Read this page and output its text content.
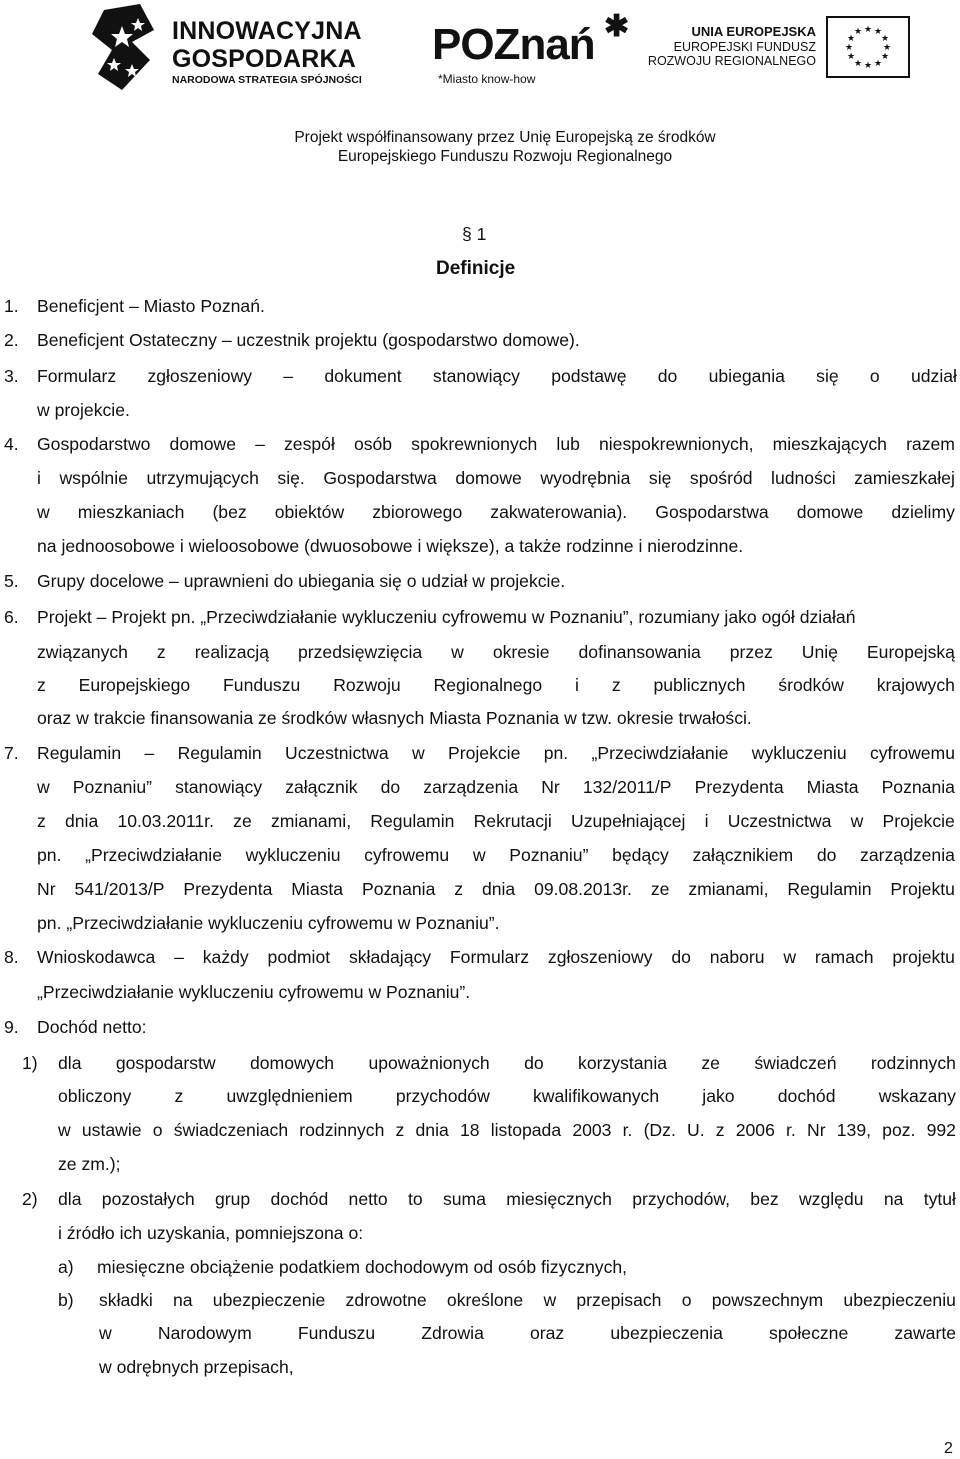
INNOWACYJNA
GOSPODARKA
NARODOWA STRATEGIA SPÓJNOŚCI
POZnań ✱
*Miasto know-how
UNIA EUROPEJSKA
EUROPEJSKI FUNDUSZ
ROZWOJU REGIONALNEGO
★ ★
★
★
★
★
★
★
★
★
★
★
Projekt współfinansowany przez Unię Europejską ze środków
Europejskiego Funduszu Rozwoju Regionalnego
§ 1
Definicje
1. Beneficjent – Miasto Poznań.
2. Beneficjent Ostateczny – uczestnik projektu (gospodarstwo domowe).
3. Formularz zgłoszeniowy – dokument stanowiący podstawę do ubiegania się o udział
w projekcie.
4. Gospodarstwo domowe – zespół osób spokrewnionych lub niespokrewnionych, mieszkających razem
i wspólnie utrzymujących się. Gospodarstwa domowe wyodrębnia się spośród ludności zamieszkałej
w mieszkaniach (bez obiektów zbiorowego zakwaterowania). Gospodarstwa domowe dzielimy
na jednoosobowe i wieloosobowe (dwuosobowe i większe), a także rodzinne i nierodzinne.
5. Grupy docelowe – uprawnieni do ubiegania się o udział w projekcie.
6. Projekt – Projekt pn. „Przeciwdziałanie wykluczeniu cyfrowemu w Poznaniu”, rozumiany jako ogół działań
związanych z realizacją przedsięwzięcia w okresie dofinansowania przez Unię Europejską
z Europejskiego Funduszu Rozwoju Regionalnego i z publicznych środków krajowych
oraz w trakcie finansowania ze środków własnych Miasta Poznania w tzw. okresie trwałości.
7. Regulamin – Regulamin Uczestnictwa w Projekcie pn. „Przeciwdziałanie wykluczeniu cyfrowemu
w Poznaniu” stanowiący załącznik do zarządzenia Nr 132/2011/P Prezydenta Miasta Poznania
z dnia 10.03.2011r. ze zmianami, Regulamin Rekrutacji Uzupełniającej i Uczestnictwa w Projekcie
pn. „Przeciwdziałanie wykluczeniu cyfrowemu w Poznaniu” będący załącznikiem do zarządzenia
Nr 541/2013/P Prezydenta Miasta Poznania z dnia 09.08.2013r. ze zmianami, Regulamin Projektu
pn. „Przeciwdziałanie wykluczeniu cyfrowemu w Poznaniu”.
8. Wnioskodawca – każdy podmiot składający Formularz zgłoszeniowy do naboru w ramach projektu
„Przeciwdziałanie wykluczeniu cyfrowemu w Poznaniu”.
9. Dochód netto:
1) dla gospodarstw domowych upoważnionych do korzystania ze świadczeń rodzinnych
obliczony z uwzględnieniem przychodów kwalifikowanych jako dochód wskazany
w ustawie o świadczeniach rodzinnych z dnia 18 listopada 2003 r. (Dz. U. z 2006 r. Nr 139, poz. 992
ze zm.);
2) dla pozostałych grup dochód netto to suma miesięcznych przychodów, bez względu na tytuł
i źródło ich uzyskania, pomniejszona o:
a) miesięczne obciążenie podatkiem dochodowym od osób fizycznych,
b) składki na ubezpieczenie zdrowotne określone w przepisach o powszechnym ubezpieczeniu
w	Narodowym	Funduszu	Zdrowia	oraz	ubezpieczenia	społeczne	zawarte
w odrębnych przepisach,
2
